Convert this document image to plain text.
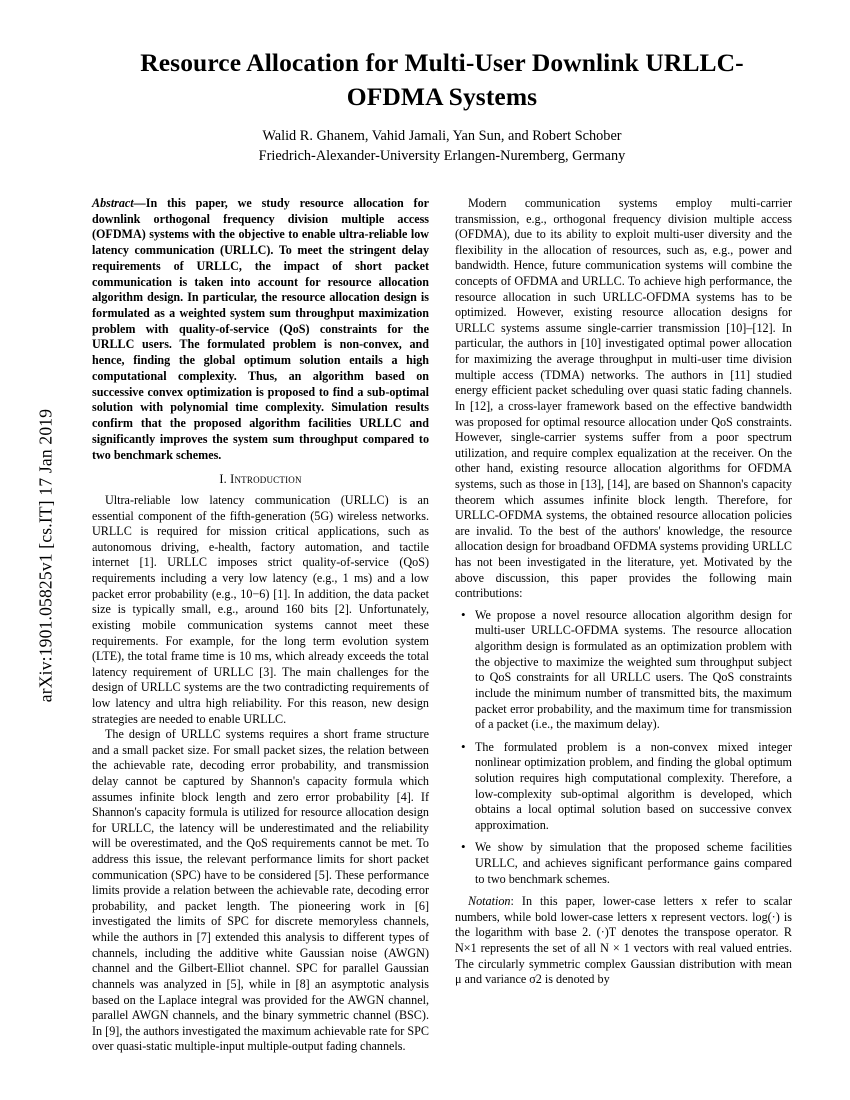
arXiv:1901.05825v1 [cs.IT] 17 Jan 2019
Resource Allocation for Multi-User Downlink URLLC-OFDMA Systems
Walid R. Ghanem, Vahid Jamali, Yan Sun, and Robert Schober
Friedrich-Alexander-University Erlangen-Nuremberg, Germany

Abstract—In this paper, we study resource allocation for downlink orthogonal frequency division multiple access (OFDMA) systems with the objective to enable ultra-reliable low latency communication (URLLC). To meet the stringent delay requirements of URLLC, the impact of short packet communication is taken into account for resource allocation algorithm design. In particular, the resource allocation design is formulated as a weighted system sum throughput maximization problem with quality-of-service (QoS) constraints for the URLLC users. The formulated problem is non-convex, and hence, finding the global optimum solution entails a high computational complexity. Thus, an algorithm based on successive convex optimization is proposed to find a sub-optimal solution with polynomial time complexity. Simulation results confirm that the proposed algorithm facilities URLLC and significantly improves the system sum throughput compared to two benchmark schemes.

I. Introduction

Ultra-reliable low latency communication (URLLC) is an essential component of the fifth-generation (5G) wireless networks. URLLC is required for mission critical applications, such as autonomous driving, e-health, factory automation, and tactile internet [1]. URLLC imposes strict quality-of-service (QoS) requirements including a very low latency (e.g., 1 ms) and a low packet error probability (e.g., 10−6) [1]. In addition, the data packet size is typically small, e.g., around 160 bits [2]. Unfortunately, existing mobile communication systems cannot meet these requirements. For example, for the long term evolution system (LTE), the total frame time is 10 ms, which already exceeds the total latency requirement of URLLC [3]. The main challenges for the design of URLLC systems are the two contradicting requirements of low latency and ultra high reliability. For this reason, new design strategies are needed to enable URLLC.

The design of URLLC systems requires a short frame structure and a small packet size. For small packet sizes, the relation between the achievable rate, decoding error probability, and transmission delay cannot be captured by Shannon's capacity formula which assumes infinite block length and zero error probability [4]. If Shannon's capacity formula is utilized for resource allocation design for URLLC, the latency will be underestimated and the reliability will be overestimated, and the QoS requirements cannot be met. To address this issue, the relevant performance limits for short packet communication (SPC) have to be considered [5]. These performance limits provide a relation between the achievable rate, decoding error probability, and packet length. The pioneering work in [6] investigated the limits of SPC for discrete memoryless channels, while the authors in [7] extended this analysis to different types of channels, including the additive white Gaussian noise (AWGN) channel and the Gilbert-Elliot channel. SPC for parallel Gaussian channels was analyzed in [5], while in [8] an asymptotic analysis based on the Laplace integral was provided for the AWGN channel, parallel AWGN channels, and the binary symmetric channel (BSC). In [9], the authors investigated the maximum achievable rate for SPC over quasi-static multiple-input multiple-output fading channels.

Modern communication systems employ multi-carrier transmission, e.g., orthogonal frequency division multiple access (OFDMA), due to its ability to exploit multi-user diversity and the flexibility in the allocation of resources, such as, e.g., power and bandwidth. Hence, future communication systems will combine the concepts of OFDMA and URLLC. To achieve high performance, the resource allocation in such URLLC-OFDMA systems has to be optimized. However, existing resource allocation designs for URLLC systems assume single-carrier transmission [10]–[12]. In particular, the authors in [10] investigated optimal power allocation for maximizing the average throughput in multi-user time division multiple access (TDMA) networks. The authors in [11] studied energy efficient packet scheduling over quasi static fading channels. In [12], a cross-layer framework based on the effective bandwidth was proposed for optimal resource allocation under QoS constraints. However, single-carrier systems suffer from a poor spectrum utilization, and require complex equalization at the receiver. On the other hand, existing resource allocation algorithms for OFDMA systems, such as those in [13], [14], are based on Shannon's capacity theorem which assumes infinite block length. Therefore, for URLLC-OFDMA systems, the obtained resource allocation policies are invalid. To the best of the authors' knowledge, the resource allocation design for broadband OFDMA systems providing URLLC has not been investigated in the literature, yet. Motivated by the above discussion, this paper provides the following main contributions:

• We propose a novel resource allocation algorithm design for multi-user URLLC-OFDMA systems. The resource allocation algorithm design is formulated as an optimization problem with the objective to maximize the weighted sum throughput subject to QoS constraints for all URLLC users. The QoS constraints include the minimum number of transmitted bits, the maximum packet error probability, and the maximum time for transmission of a packet (i.e., the maximum delay).
• The formulated problem is a non-convex mixed integer nonlinear optimization problem, and finding the global optimum solution requires high computational complexity. Therefore, a low-complexity sub-optimal algorithm is developed, which obtains a local optimal solution based on successive convex approximation.
• We show by simulation that the proposed scheme facilities URLLC, and achieves significant performance gains compared to two benchmark schemes.

Notation: In this paper, lower-case letters x refer to scalar numbers, while bold lower-case letters x represent vectors. log(·) is the logarithm with base 2. (·)T denotes the transpose operator. R N×1 represents the set of all N × 1 vectors with real valued entries. The circularly symmetric complex Gaussian distribution with mean μ and variance σ2 is denoted by
